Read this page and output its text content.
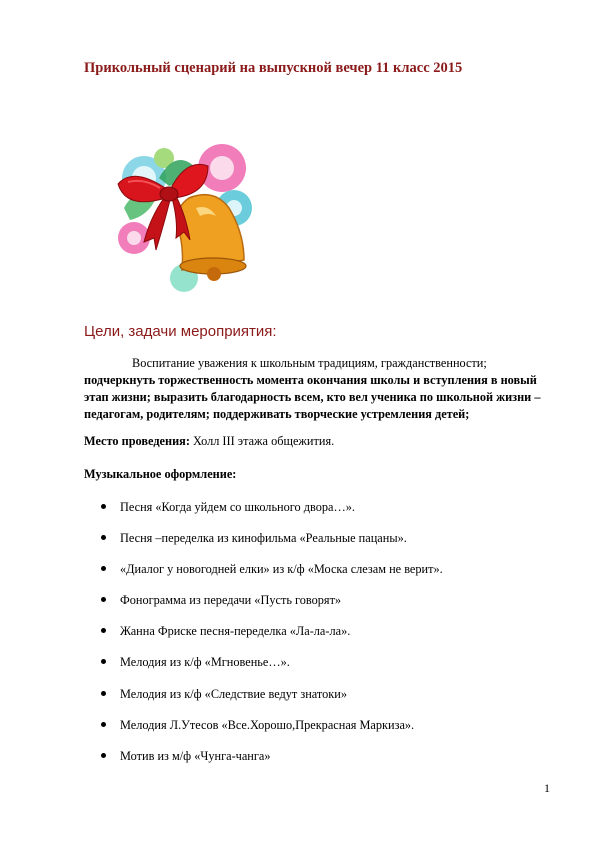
Прикольный сценарий на выпускной вечер 11 класс 2015
Цели, задачи мероприятия:
Воспитание уважения к школьным традициям, гражданственности; подчеркнуть торжественность момента окончания школы и вступления в новый этап жизни; выразить благодарность всем, кто вел ученика по школьной жизни – педагогам, родителям; поддерживать творческие устремления детей;
Место проведения: Холл III этажа общежития.
Музыкальное оформление:
Песня «Когда уйдем со школьного двора…».
Песня –переделка из кинофильма «Реальные пацаны».
«Диалог у новогодней елки» из к/ф «Моска слезам не верит».
Фонограмма из передачи «Пусть говорят»
Жанна Фриске песня-переделка «Ла-ла-ла».
Мелодия из к/ф «Мгновенье…».
Мелодия из к/ф «Следствие ведут знатоки»
Мелодия Л.Утесов «Все.Хорошо,Прекрасная Маркиза».
Мотив из м/ф «Чунга-чанга»
1
